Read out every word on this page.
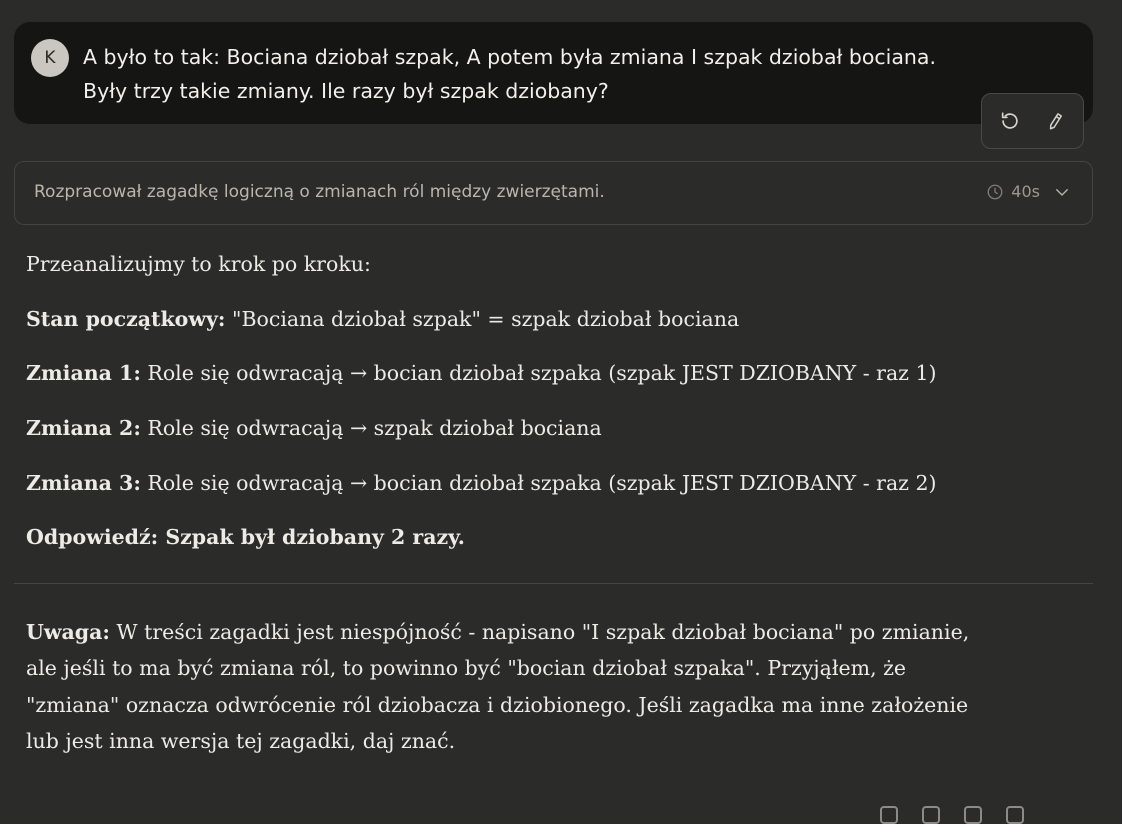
K A było to tak: Bociana dziobał szpak, A potem była zmiana I szpak dziobał bociana.
Były trzy takie zmiany. Ile razy był szpak dziobany?
Rozpracował zagadkę logiczną o zmianach ról między zwierzętami.	40s

Przeanalizujmy to krok po kroku:

Stan początkowy: "Bociana dziobał szpak" = szpak dziobał bociana

Zmiana 1: Role się odwracają → bocian dziobał szpaka (szpak JEST DZIOBANY - raz 1)

Zmiana 2: Role się odwracają → szpak dziobał bociana

Zmiana 3: Role się odwracają → bocian dziobał szpaka (szpak JEST DZIOBANY - raz 2)

Odpowiedź: Szpak był dziobany 2 razy.

Uwaga: W treści zagadki jest niespójność - napisano "I szpak dziobał bociana" po zmianie,
ale jeśli to ma być zmiana ról, to powinno być "bocian dziobał szpaka". Przyjąłem, że
"zmiana" oznacza odwrócenie ról dziobacza i dziobionego. Jeśli zagadka ma inne założenie
lub jest inna wersja tej zagadki, daj znać.
